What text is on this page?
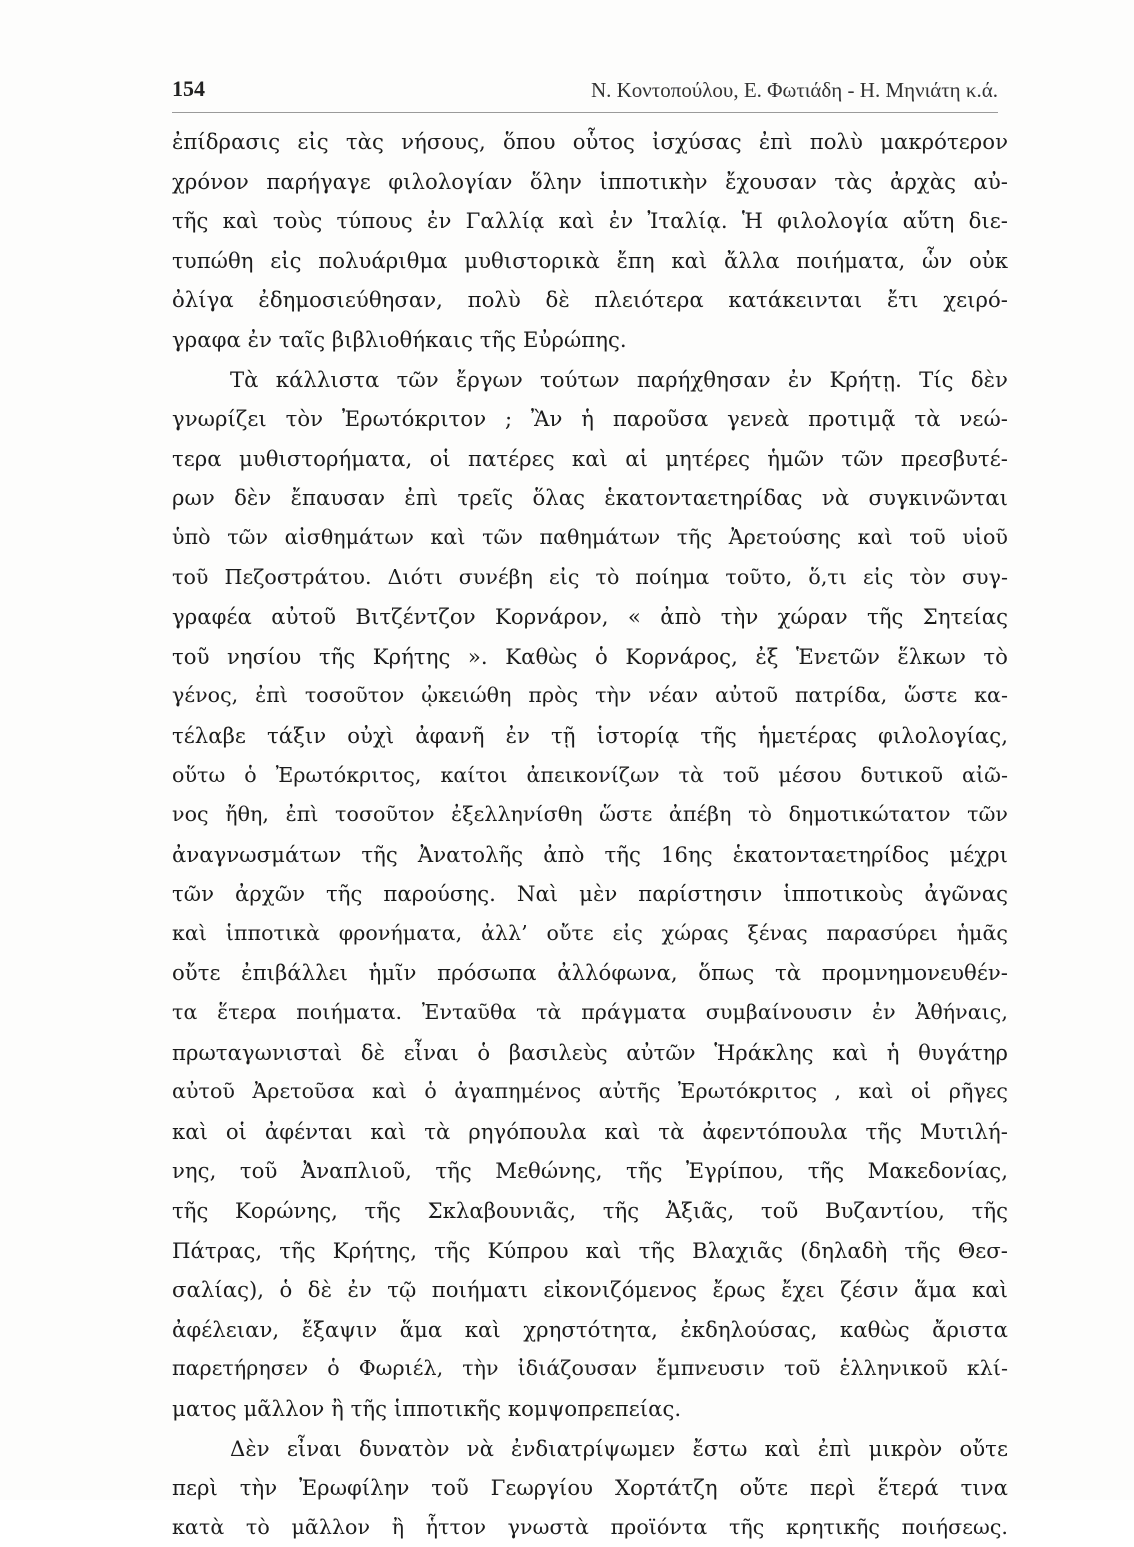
154	Ν. Κοντοπούλου, Ε. Φωτιάδη - Η. Μηνιάτη κ.ά.
ἐπίδρασις εἰς τὰς νήσους, ὅπου οὗτος ἰσχύσας ἐπὶ πολὺ μακρότερον
χρόνον παρήγαγε φιλολογίαν ὅλην ἱπποτικὴν ἔχουσαν τὰς ἀρχὰς αὐ-
τῆς καὶ τοὺς τύπους ἐν Γαλλίᾳ καὶ ἐν Ἰταλίᾳ. Ἡ φιλολογία αὕτη διε-
τυπώθη εἰς πολυάριθμα μυθιστορικὰ ἔπη καὶ ἄλλα ποιήματα, ὧν οὐκ
ὀλίγα ἐδημοσιεύθησαν, πολὺ δὲ πλειότερα κατάκεινται ἔτι χειρό-
γραφα ἐν ταῖς βιβλιοθήκαις τῆς Εὐρώπης.
Τὰ κάλλιστα τῶν ἔργων τούτων παρήχθησαν ἐν Κρήτῃ. Τίς δὲν
γνωρίζει τὸν Ἐρωτόκριτον ; Ἂν ἡ παροῦσα γενεὰ προτιμᾷ τὰ νεώ-
τερα μυθιστορήματα, οἱ πατέρες καὶ αἱ μητέρες ἡμῶν τῶν πρεσβυτέ-
ρων δὲν ἔπαυσαν ἐπὶ τρεῖς ὅλας ἑκατονταετηρίδας νὰ συγκινῶνται
ὑπὸ τῶν αἰσθημάτων καὶ τῶν παθημάτων τῆς Ἀρετούσης καὶ τοῦ υἱοῦ
τοῦ Πεζοστράτου. Διότι συνέβη εἰς τὸ ποίημα τοῦτο, ὅ,τι εἰς τὸν συγ-
γραφέα αὐτοῦ Βιτζέντζον Κορνάρον, « ἀπὸ τὴν χώραν τῆς Σητείας
τοῦ νησίου τῆς Κρήτης ». Καθὼς ὁ Κορνάρος, ἐξ Ἑνετῶν ἕλκων τὸ
γένος, ἐπὶ τοσοῦτον ᾠκειώθη πρὸς τὴν νέαν αὐτοῦ πατρίδα, ὥστε κα-
τέλαβε τάξιν οὐχὶ ἀφανῆ ἐν τῇ ἱστορίᾳ τῆς ἡμετέρας φιλολογίας,
οὕτω ὁ Ἐρωτόκριτος, καίτοι ἀπεικονίζων τὰ τοῦ μέσου δυτικοῦ αἰῶ-
νος ἤθη, ἐπὶ τοσοῦτον ἐξελληνίσθη ὥστε ἀπέβη τὸ δημοτικώτατον τῶν
ἀναγνωσμάτων τῆς Ἀνατολῆς ἀπὸ τῆς 16ης ἑκατονταετηρίδος μέχρι
τῶν ἀρχῶν τῆς παρούσης. Ναὶ μὲν παρίστησιν ἱπποτικοὺς ἀγῶνας
καὶ ἱπποτικὰ φρονήματα, ἀλλ’ οὔτε εἰς χώρας ξένας παρασύρει ἡμᾶς
οὔτε ἐπιβάλλει ἡμῖν πρόσωπα ἀλλόφωνα, ὅπως τὰ προμνημονευθέν-
τα ἕτερα ποιήματα. Ἐνταῦθα τὰ πράγματα συμβαίνουσιν ἐν Ἀθήναις,
πρωταγωνισταὶ δὲ εἶναι ὁ βασιλεὺς αὐτῶν Ἡράκλης καὶ ἡ θυγάτηρ
αὐτοῦ Ἀρετοῦσα καὶ ὁ ἀγαπημένος αὐτῆς Ἐρωτόκριτος , καὶ οἱ ρῆγες
καὶ οἱ ἀφένται καὶ τὰ ρηγόπουλα καὶ τὰ ἀφεντόπουλα τῆς Μυτιλή-
νης, τοῦ Ἀναπλιοῦ, τῆς Μεθώνης, τῆς Ἐγρίπου, τῆς Μακεδονίας,
τῆς Κορώνης, τῆς Σκλαβουνιᾶς, τῆς Ἀξιᾶς, τοῦ Βυζαντίου, τῆς
Πάτρας, τῆς Κρήτης, τῆς Κύπρου καὶ τῆς Βλαχιᾶς (δηλαδὴ τῆς Θεσ-
σαλίας), ὁ δὲ ἐν τῷ ποιήματι εἰκονιζόμενος ἔρως ἔχει ζέσιν ἅμα καὶ
ἀφέλειαν, ἔξαψιν ἅμα καὶ χρηστότητα, ἐκδηλούσας, καθὼς ἄριστα
παρετήρησεν ὁ Φωριέλ, τὴν ἰδιάζουσαν ἔμπνευσιν τοῦ ἑλληνικοῦ κλί-
ματος μᾶλλον ἢ τῆς ἱπποτικῆς κομψοπρεπείας.
Δὲν εἶναι δυνατὸν νὰ ἐνδιατρίψωμεν ἔστω καὶ ἐπὶ μικρὸν οὔτε
περὶ τὴν Ἐρωφίλην τοῦ Γεωργίου Χορτάτζη οὔτε περὶ ἕτερά τινα
κατὰ τὸ μᾶλλον ἢ ἧττον γνωστὰ προϊόντα τῆς κρητικῆς ποιήσεως.
